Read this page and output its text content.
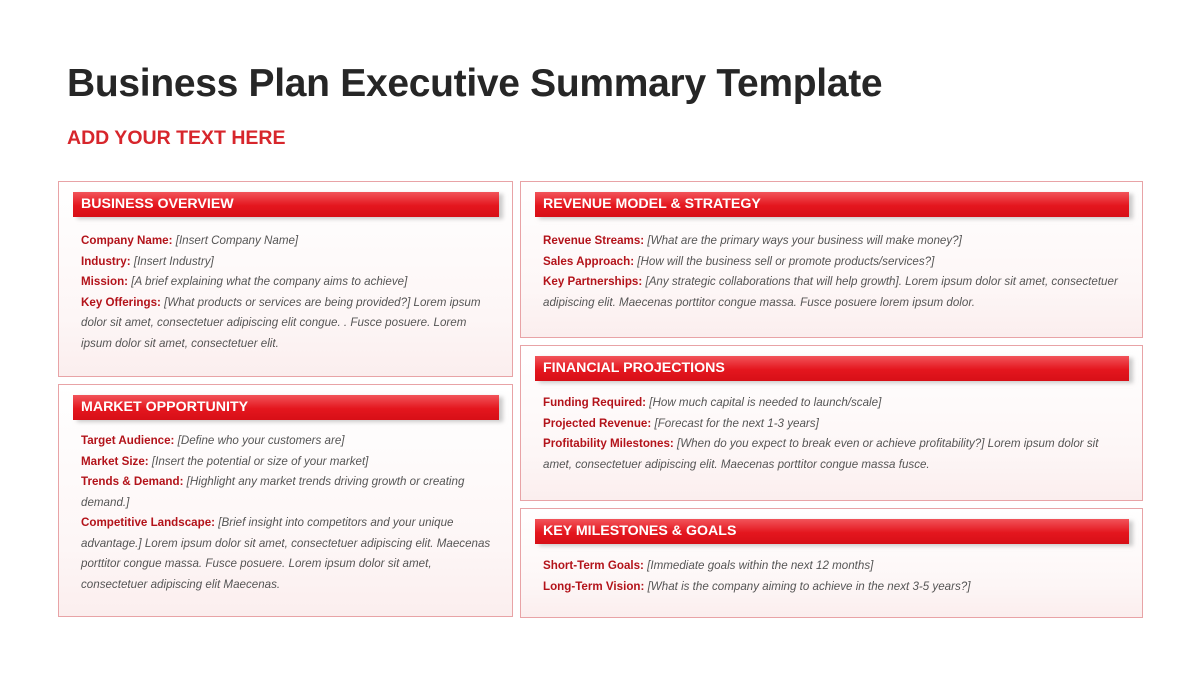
Business Plan Executive Summary Template
ADD YOUR TEXT HERE
BUSINESS OVERVIEW

Company Name: [Insert Company Name]

Industry: [Insert Industry]

Mission: [A brief explaining what the company aims to achieve]

Key Offerings: [What products or services are being provided?] Lorem ipsum dolor sit amet, consectetuer adipiscing elit congue. . Fusce posuere. Lorem ipsum dolor sit amet, consectetuer elit.

MARKET OPPORTUNITY

Target Audience: [Define who your customers are]

Market Size: [Insert the potential or size of your market]

Trends & Demand: [Highlight any market trends driving growth or creating demand.]

Competitive Landscape: [Brief insight into competitors and your unique advantage.] Lorem ipsum dolor sit amet, consectetuer adipiscing elit. Maecenas porttitor congue massa. Fusce posuere. Lorem ipsum dolor sit amet, consectetuer adipiscing elit Maecenas.

REVENUE MODEL & STRATEGY

Revenue Streams: [What are the primary ways your business will make money?]

Sales Approach: [How will the business sell or promote products/services?]

Key Partnerships: [Any strategic collaborations that will help growth]. Lorem ipsum dolor sit amet, consectetuer adipiscing elit. Maecenas porttitor congue massa. Fusce posuere lorem ipsum dolor.

FINANCIAL PROJECTIONS

Funding Required: [How much capital is needed to launch/scale]

Projected Revenue: [Forecast for the next 1-3 years]

Profitability Milestones: [When do you expect to break even or achieve profitability?] Lorem ipsum dolor sit amet, consectetuer adipiscing elit. Maecenas porttitor congue massa fusce.

KEY MILESTONES & GOALS

Short-Term Goals: [Immediate goals within the next 12 months]

Long-Term Vision: [What is the company aiming to achieve in the next 3-5 years?]
